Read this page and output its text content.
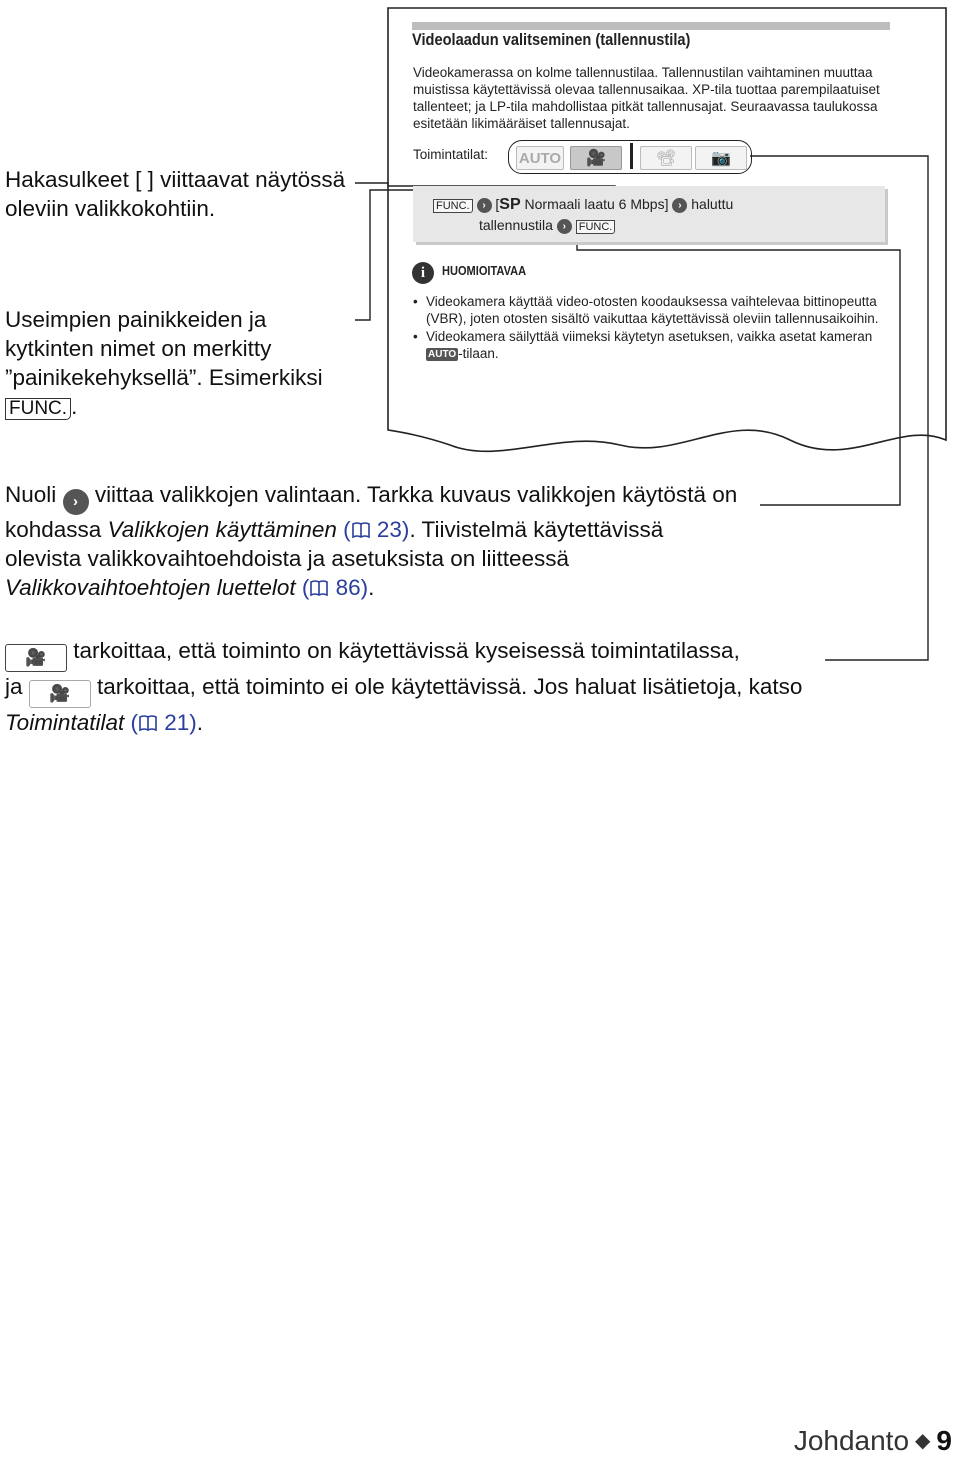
Videolaadun valitseminen (tallennustila)
Videokamerassa on kolme tallennustilaa. Tallennustilan vaihtaminen muuttaa muistissa käytettävissä olevaa tallennusaikaa. XP-tila tuottaa parempilaatuiset tallenteet; ja LP-tila mahdollistaa pitkät tallennusajat. Seuraavassa taulukossa esitetään likimääräiset tallennusajat.
Toimintatilat: AUTO	🎥	📽	📷
FUNC. › [SP Normaali laatu 6 Mbps] › haluttu
tallennustila › FUNC.
i	HUOMIOITAVAA
• Videokamera käyttää video-otosten koodauksessa vaihtelevaa bittinopeutta (VBR), joten otosten sisältö vaikuttaa käytettävissä oleviin tallennusaikoihin.
• Videokamera säilyttää viimeksi käytetyn asetuksen, vaikka asetat kameran AUTO -tilaan.
Hakasulkeet [ ] viittaavat näytössä oleviin valikkokohtiin.
Useimpien painikkeiden ja kytkinten nimet on merkitty ”painikekehyksellä”. Esimerkiksi FUNC. .
Nuoli › viittaa valikkojen valintaan. Tarkka kuvaus valikkojen käytöstä on kohdassa Valikkojen käyttäminen ( 23). Tiivistelmä käytettävissä olevista valikkovaihtoehdoista ja asetuksista on liitteessä Valikkovaihtoehtojen luettelot ( 86).
🎥 tarkoittaa, että toiminto on käytettävissä kyseisessä toimintatilassa,
ja 🎥 tarkoittaa, että toiminto ei ole käytettävissä. Jos haluat lisätietoja, katso Toimintatilat ( 21).
Johdanto ◆ 9
